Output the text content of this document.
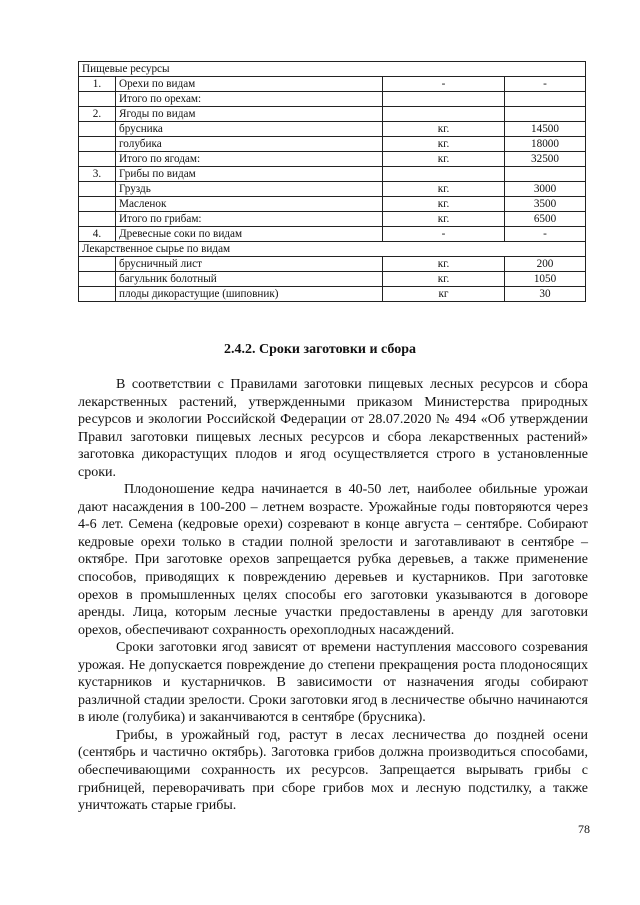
Пищевые ресурсы			
1.	Орехи по видам	-	-
	Итого по орехам:		
2.	Ягоды по видам		
	брусника	кг.	14500
	голубика	кг.	18000
	Итого по ягодам:	кг.	32500
3.	Грибы по видам		
	Груздь	кг.	3000
	Масленок	кг.	3500
	Итого по грибам:	кг.	6500
4.	Древесные соки по видам	-	-
Лекарственное сырье по видам			
	брусничный лист	кг.	200
	багульник болотный	кг.	1050
	плоды дикорастущие (шиповник)	кг	30
2.4.2. Сроки заготовки и сбора

В соответствии с Правилами заготовки пищевых лесных ресурсов и сбора лекарственных растений, утвержденными приказом Министерства природных ресурсов и экологии Российской Федерации от 28.07.2020 № 494 «Об утверждении Правил заготовки пищевых лесных ресурсов и сбора лекарственных растений» заготовка дикорастущих плодов и ягод осуществляется строго в установленные сроки.

Плодоношение кедра начинается в 40-50 лет, наиболее обильные урожаи дают насаждения в 100-200 – летнем возрасте. Урожайные годы повторяются через 4-6 лет. Семена (кедровые орехи) созревают в конце августа – сентябре. Собирают кедровые орехи только в стадии полной зрелости и заготавливают в сентябре – октябре. При заготовке орехов запрещается рубка деревьев, а также применение способов, приводящих к повреждению деревьев и кустарников. При заготовке орехов в промышленных целях способы его заготовки указываются в договоре аренды. Лица, которым лесные участки предоставлены в аренду для заготовки орехов, обеспечивают сохранность орехоплодных насаждений.

Сроки заготовки ягод зависят от времени наступления массового созревания урожая. Не допускается повреждение до степени прекращения роста плодоносящих кустарников и кустарничков. В зависимости от назначения ягоды собирают различной стадии зрелости. Сроки заготовки ягод в лесничестве обычно начинаются в июле (голубика) и заканчиваются в сентябре (брусника).

Грибы, в урожайный год, растут в лесах лесничества до поздней осени (сентябрь и частично октябрь). Заготовка грибов должна производиться способами, обеспечивающими сохранность их ресурсов. Запрещается вырывать грибы с грибницей, переворачивать при сборе грибов мох и лесную подстилку, а также уничтожать старые грибы.

78
